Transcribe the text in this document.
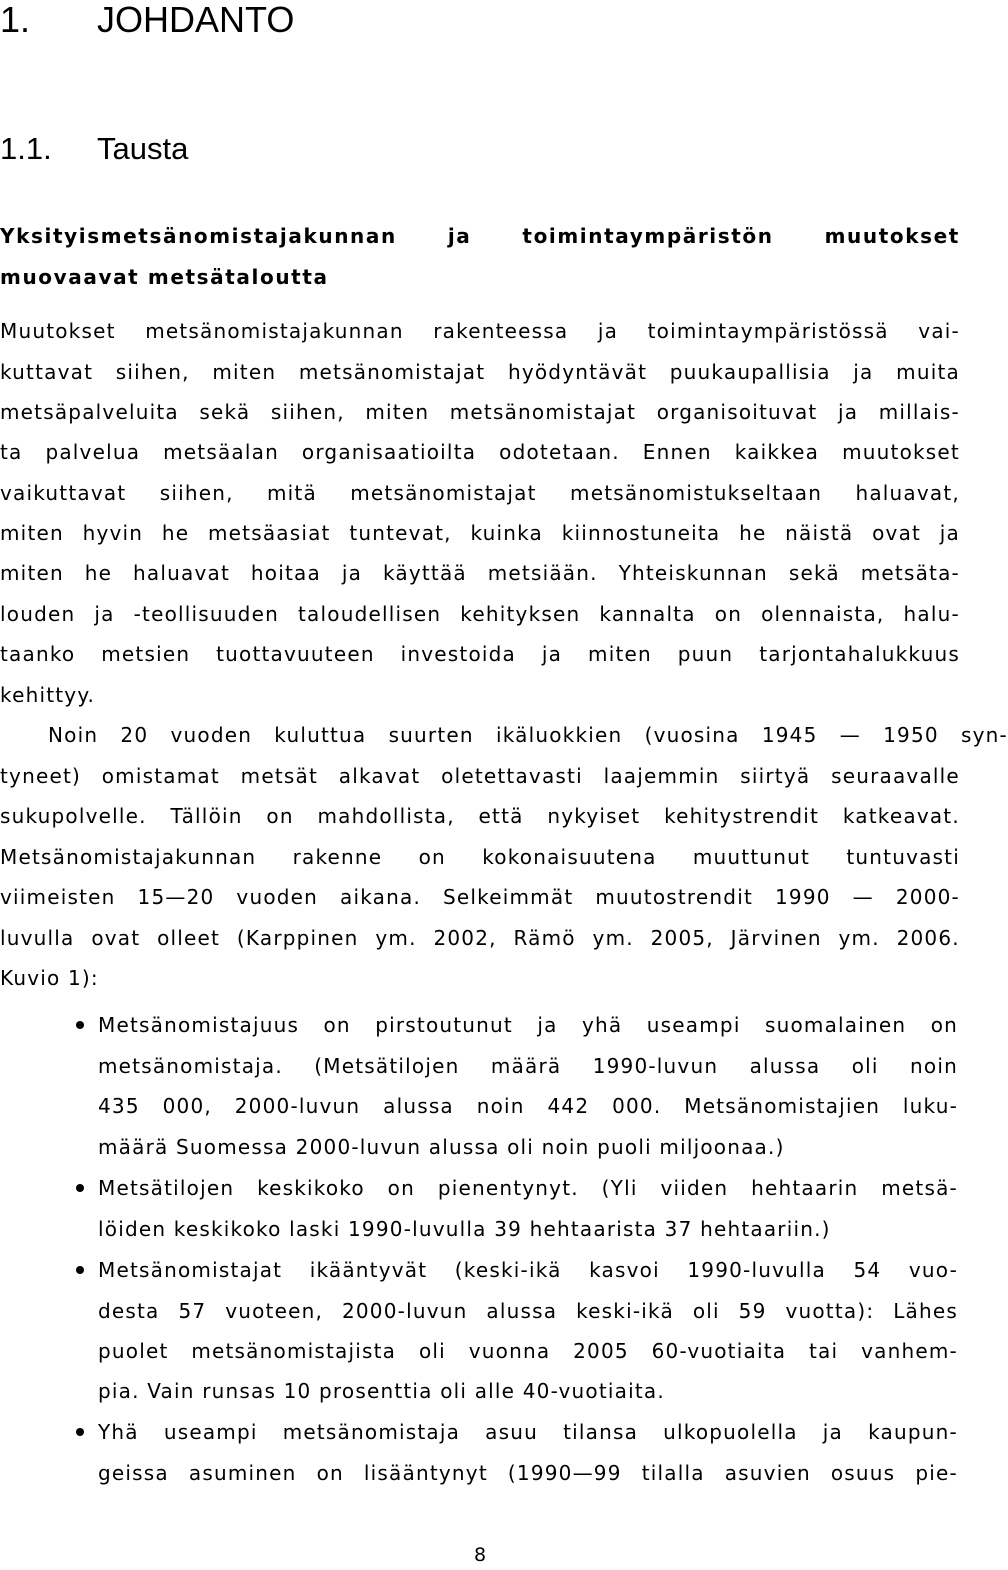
1. JOHDANTO
1.1. Tausta
Yksityismetsänomistajakunnan	ja	toimintaympäristön	muutokset
muovaavat metsätaloutta
Muutokset metsänomistajakunnan rakenteessa ja toimintaympäristössä vai-
kuttavat siihen, miten metsänomistajat hyödyntävät puukaupallisia ja muita
metsäpalveluita sekä siihen, miten metsänomistajat organisoituvat ja millais-
ta palvelua metsäalan organisaatioilta odotetaan. Ennen kaikkea muutokset
vaikuttavat siihen, mitä metsänomistajat metsänomistukseltaan haluavat,
miten hyvin he metsäasiat tuntevat, kuinka kiinnostuneita he näistä ovat ja
miten he haluavat hoitaa ja käyttää metsiään. Yhteiskunnan sekä metsäta-
louden ja -teollisuuden taloudellisen kehityksen kannalta on olennaista, halu-
taanko metsien tuottavuuteen investoida ja miten puun tarjontahalukkuus
kehittyy.
Noin 20 vuoden kuluttua suurten ikäluokkien (vuosina 1945 — 1950 syn-
tyneet) omistamat metsät alkavat oletettavasti laajemmin siirtyä seuraavalle
sukupolvelle. Tällöin on mahdollista, että nykyiset kehitystrendit katkeavat.
Metsänomistajakunnan rakenne on kokonaisuutena muuttunut tuntuvasti
viimeisten 15—20 vuoden aikana. Selkeimmät muutostrendit 1990 — 2000-
luvulla ovat olleet (Karppinen ym. 2002, Rämö ym. 2005, Järvinen ym. 2006.
Kuvio 1):
Metsänomistajuus on pirstoutunut ja yhä useampi suomalainen on
metsänomistaja. (Metsätilojen määrä 1990-luvun alussa oli noin
435 000, 2000-luvun alussa noin 442 000. Metsänomistajien luku-
määrä Suomessa 2000-luvun alussa oli noin puoli miljoonaa.)
Metsätilojen keskikoko on pienentynyt. (Yli viiden hehtaarin metsä-
löiden keskikoko laski 1990-luvulla 39 hehtaarista 37 hehtaariin.)
Metsänomistajat ikääntyvät (keski-ikä kasvoi 1990-luvulla 54 vuo-
desta 57 vuoteen, 2000-luvun alussa keski-ikä oli 59 vuotta): Lähes
puolet metsänomistajista oli vuonna 2005 60-vuotiaita tai vanhem-
pia. Vain runsas 10 prosenttia oli alle 40-vuotiaita.
Yhä useampi metsänomistaja asuu tilansa ulkopuolella ja kaupun-
geissa asuminen on lisääntynyt (1990—99 tilalla asuvien osuus pie-
8
